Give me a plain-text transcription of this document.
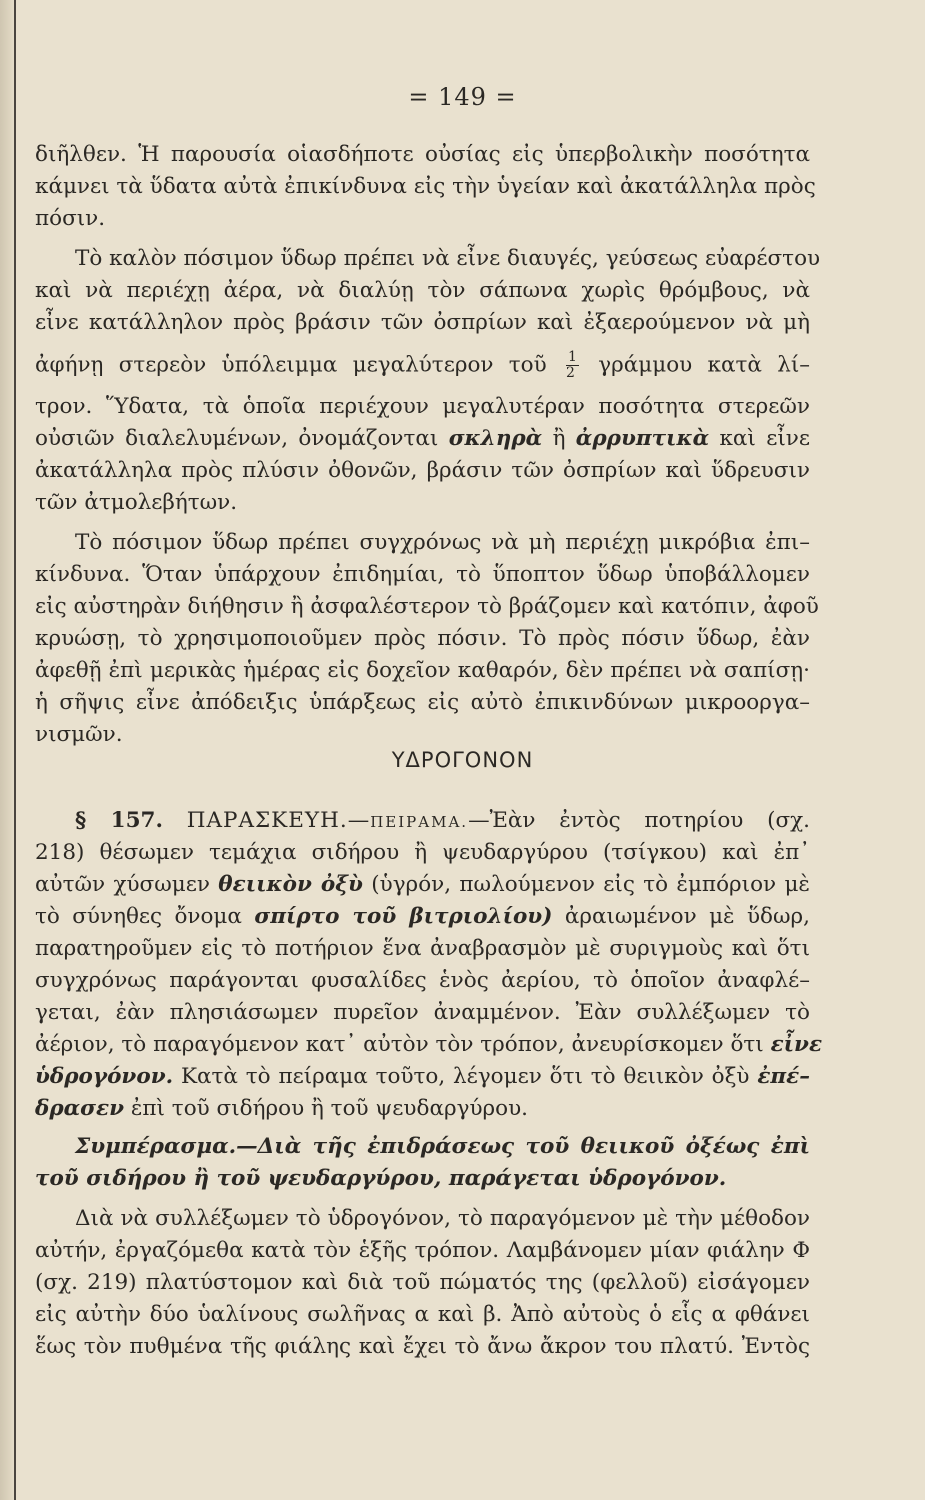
= 149 =
διῆλθεν. Ἡ παρουσία οἱασδήποτε οὐσίας εἰς ὑπερβολικὴν ποσότητα
κάμνει τὰ ὕδατα αὐτὰ ἐπικίνδυνα εἰς τὴν ὑγείαν καὶ ἀκατάλληλα πρὸς
πόσιν.
Τὸ καλὸν πόσιμον ὕδωρ πρέπει νὰ εἶνε διαυγές, γεύσεως εὐαρέστου
καὶ νὰ περιέχῃ ἀέρα, νὰ διαλύῃ τὸν σάπωνα χωρὶς θρόμβους, νὰ
εἶνε κατάλληλον πρὸς βράσιν τῶν ὀσπρίων καὶ ἐξαερούμενον νὰ μὴ
ἀφήνῃ στερεὸν ὑπόλειμμα μεγαλύτερον τοῦ $\frac{1}{2}$ γράμμου κατὰ λί–
τρον. Ὕδατα, τὰ ὁποῖα περιέχουν μεγαλυτέραν ποσότητα στερεῶν
οὐσιῶν διαλελυμένων, ὀνομάζονται σκληρὰ ἢ ἀρρυπτικὰ καὶ εἶνε
ἀκατάλληλα πρὸς πλύσιν ὀθονῶν, βράσιν τῶν ὀσπρίων καὶ ὕδρευσιν
τῶν ἀτμολεβήτων.
Τὸ πόσιμον ὕδωρ πρέπει συγχρόνως νὰ μὴ περιέχῃ μικρόβια ἐπι–
κίνδυνα. Ὅταν ὑπάρχουν ἐπιδημίαι, τὸ ὕποπτον ὕδωρ ὑποβάλλομεν
εἰς αὐστηρὰν διήθησιν ἢ ἀσφαλέστερον τὸ βράζομεν καὶ κατόπιν, ἀφοῦ
κρυώσῃ, τὸ χρησιμοποιοῦμεν πρὸς πόσιν. Τὸ πρὸς πόσιν ὕδωρ, ἐὰν
ἀφεθῇ ἐπὶ μερικὰς ἡμέρας εἰς δοχεῖον καθαρόν, δὲν πρέπει νὰ σαπίσῃ·
ἡ σῆψις εἶνε ἀπόδειξις ὑπάρξεως εἰς αὐτὸ ἐπικινδύνων μικροοργα–
νισμῶν.
ΥΔΡΟΓΟΝΟΝ
§ 157. ΠΑΡΑΣΚΕΥΗ.—ΠΕΙΡΑΜΑ.—Ἐὰν ἐντὸς ποτηρίου (σχ.
218) θέσωμεν τεμάχια σιδήρου ἢ ψευδαργύρου (τσίγκου) καὶ ἐπ᾿
αὐτῶν χύσωμεν θειικὸν ὀξὺ (ὑγρόν, πωλούμενον εἰς τὸ ἐμπόριον μὲ
τὸ σύνηθες ὄνομα σπίρτο τοῦ βιτριολίου) ἀραιωμένον μὲ ὕδωρ,
παρατηροῦμεν εἰς τὸ ποτήριον ἕνα ἀναβρασμὸν μὲ συριγμοὺς καὶ ὅτι
συγχρόνως παράγονται φυσαλίδες ἑνὸς ἀερίου, τὸ ὁποῖον ἀναφλέ–
γεται, ἐὰν πλησιάσωμεν πυρεῖον ἀναμμένον. Ἐὰν συλλέξωμεν τὸ
ἀέριον, τὸ παραγόμενον κατ᾿ αὐτὸν τὸν τρόπον, ἀνευρίσκομεν ὅτι εἶνε
ὑδρογόνον. Κατὰ τὸ πείραμα τοῦτο, λέγομεν ὅτι τὸ θειικὸν ὀξὺ ἐπέ–
δρασεν ἐπὶ τοῦ σιδήρου ἢ τοῦ ψευδαργύρου.
Συμπέρασμα.—Διὰ τῆς ἐπιδράσεως τοῦ θειικοῦ ὀξέως ἐπὶ
τοῦ σιδήρου ἢ τοῦ ψευδαργύρου, παράγεται ὑδρογόνον.
Διὰ νὰ συλλέξωμεν τὸ ὑδρογόνον, τὸ παραγόμενον μὲ τὴν μέθοδον
αὐτήν, ἐργαζόμεθα κατὰ τὸν ἑξῆς τρόπον. Λαμβάνομεν μίαν φιάλην Φ
(σχ. 219) πλατύστομον καὶ διὰ τοῦ πώματός της (φελλοῦ) εἰσάγομεν
εἰς αὐτὴν δύο ὑαλίνους σωλῆνας α καὶ β. Ἀπὸ αὐτοὺς ὁ εἷς α φθάνει
ἕως τὸν πυθμένα τῆς φιάλης καὶ ἔχει τὸ ἄνω ἄκρον του πλατύ. Ἐντὸς
